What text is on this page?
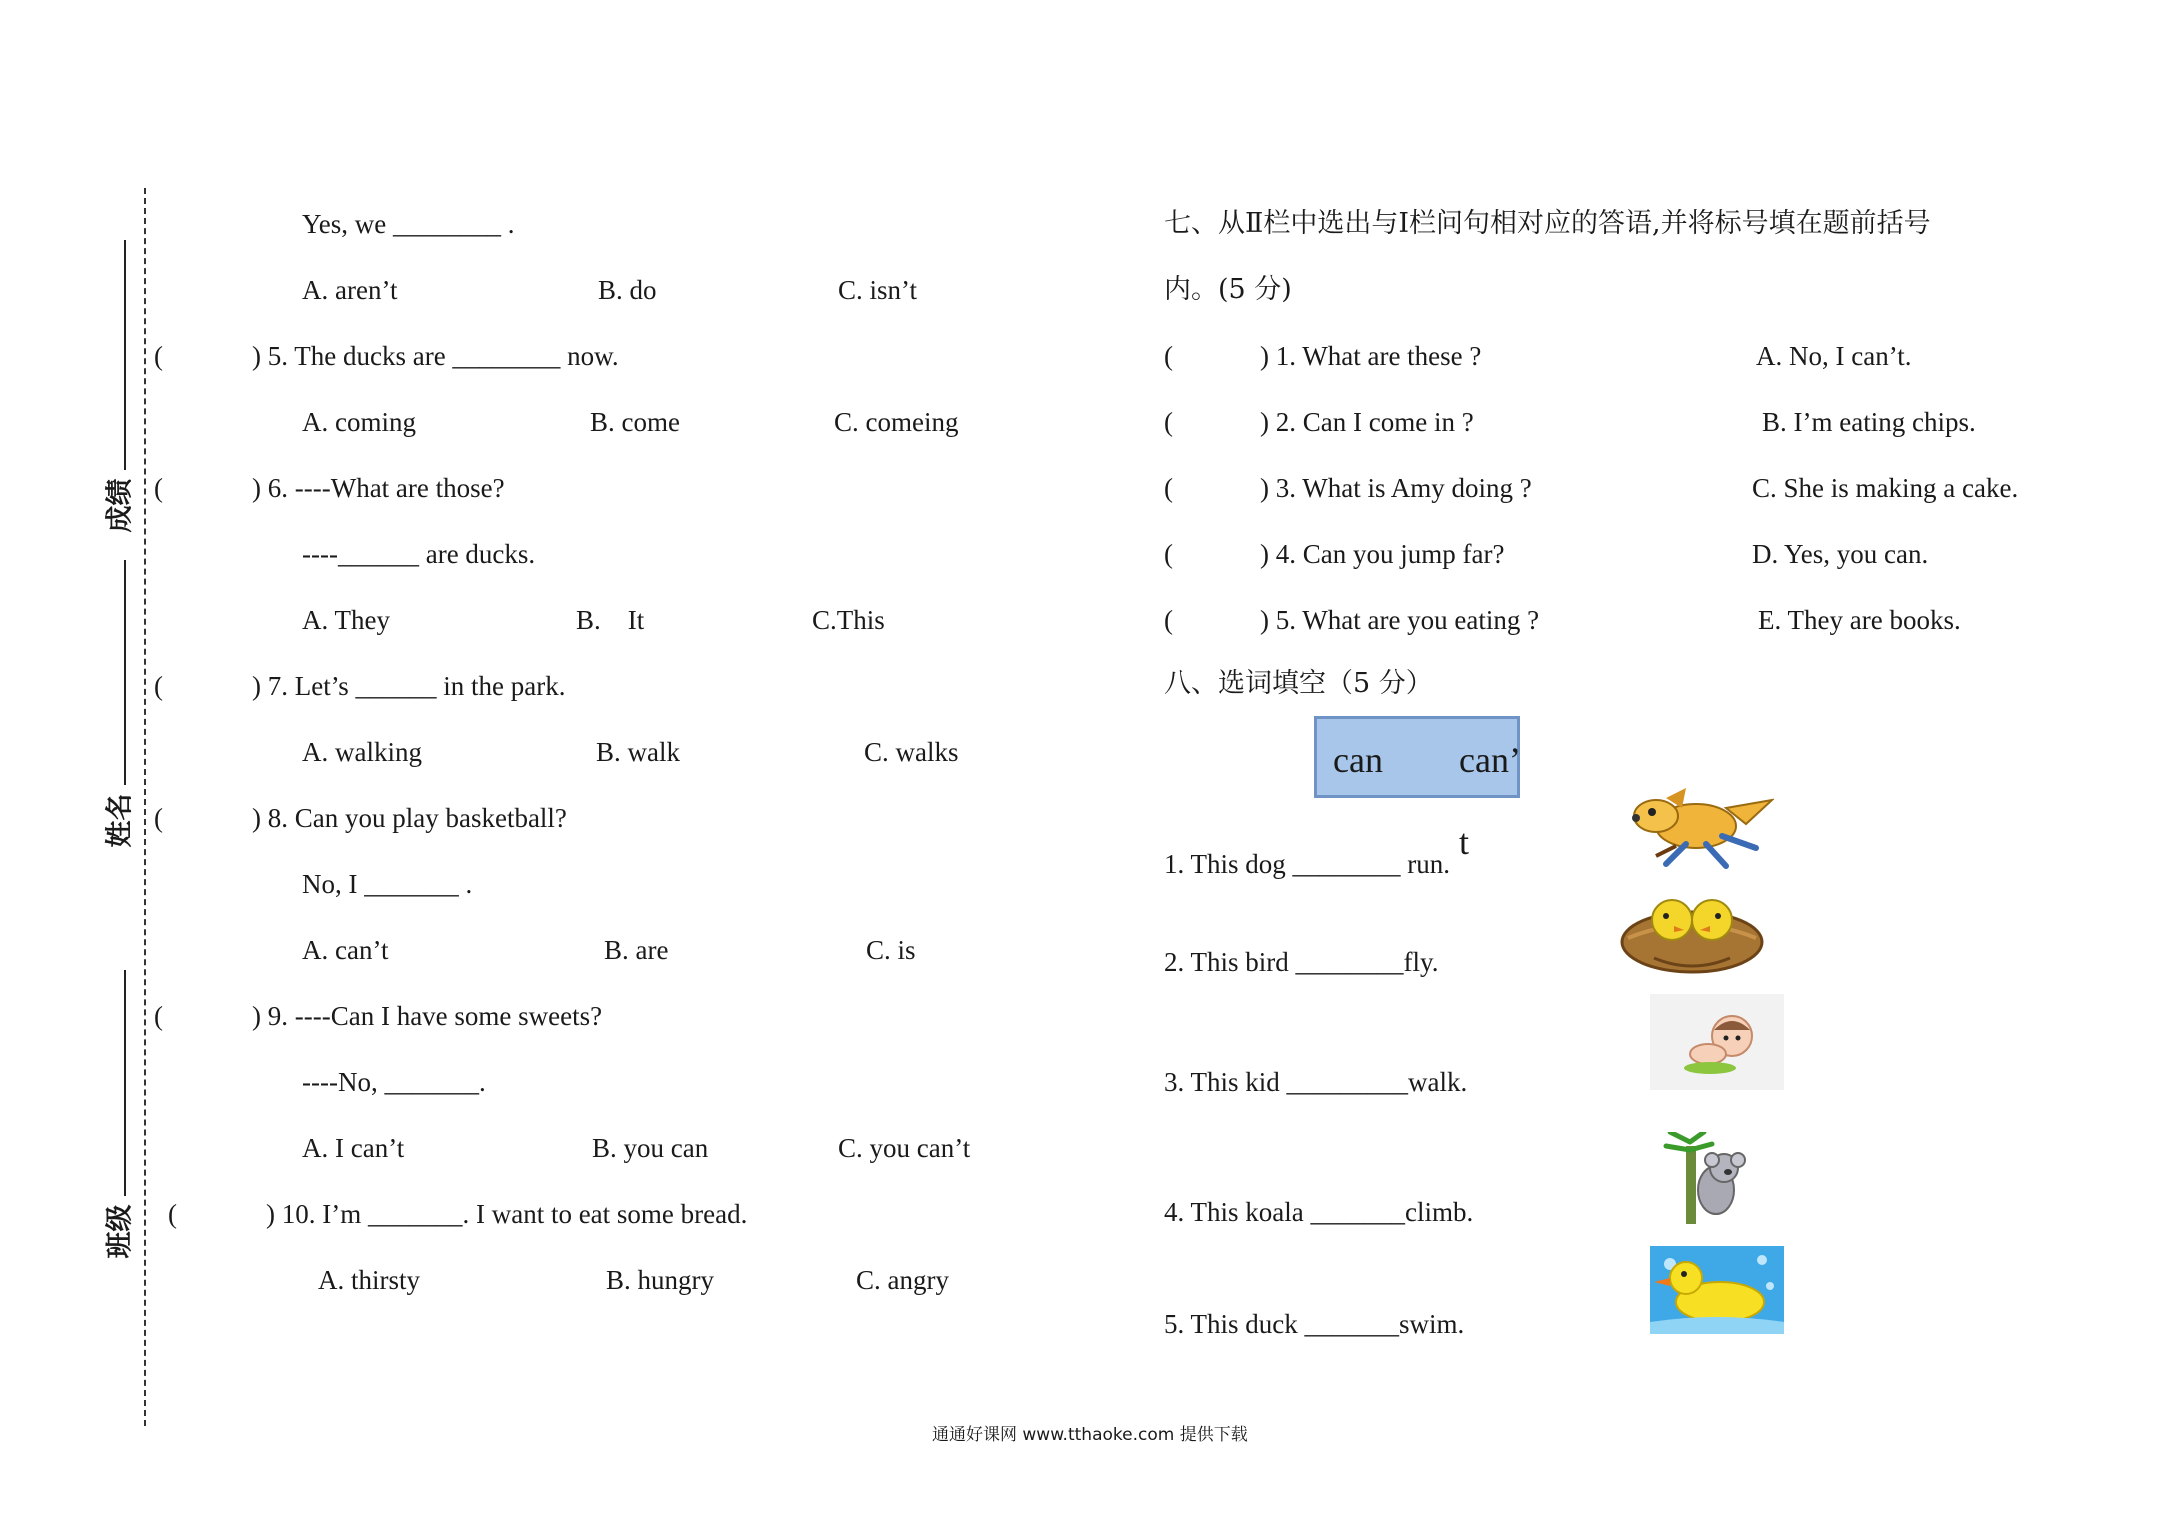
成绩
姓名
班级
Yes, we ________ .
A. aren’t	B. do	C. isn’t
(	) 5. The ducks are ________ now.
A. coming	B. come	C. comeing
(	) 6. ----What are those?
----______ are ducks.
A. They	B.    It	C.This
(	) 7. Let’s ______ in the park.
A. walking	B. walk	C. walks
(	) 8. Can you play basketball?
No, I _______ .
A. can’t	B. are	C. is
(	) 9. ----Can I have some sweets?
----No, _______.
A. I can’t	B. you can	C. you can’t
(	) 10. I’m _______. I want to eat some bread.
A. thirsty	B. hungry	C. angry
七、从Ⅱ栏中选出与Ⅰ栏问句相对应的答语,并将标号填在题前括号
内。(5 分)
(	) 1. What are these ?	A. No, I can’t.
(	) 2. Can I come in ?	B. I’m eating chips.
(	) 3. What is Amy doing ?	C. She is making a cake.
(	) 4. Can you jump far?	D. Yes, you can.
(	) 5. What are you eating ?	E. They are books.
八、选词填空（5 分）
can can’ t
1. This dog ________ run.
2. This bird ________fly.
3. This kid _________walk.
4. This koala _______climb.
5. This duck _______swim.
通通好课网 www.tthaoke.com 提供下载
